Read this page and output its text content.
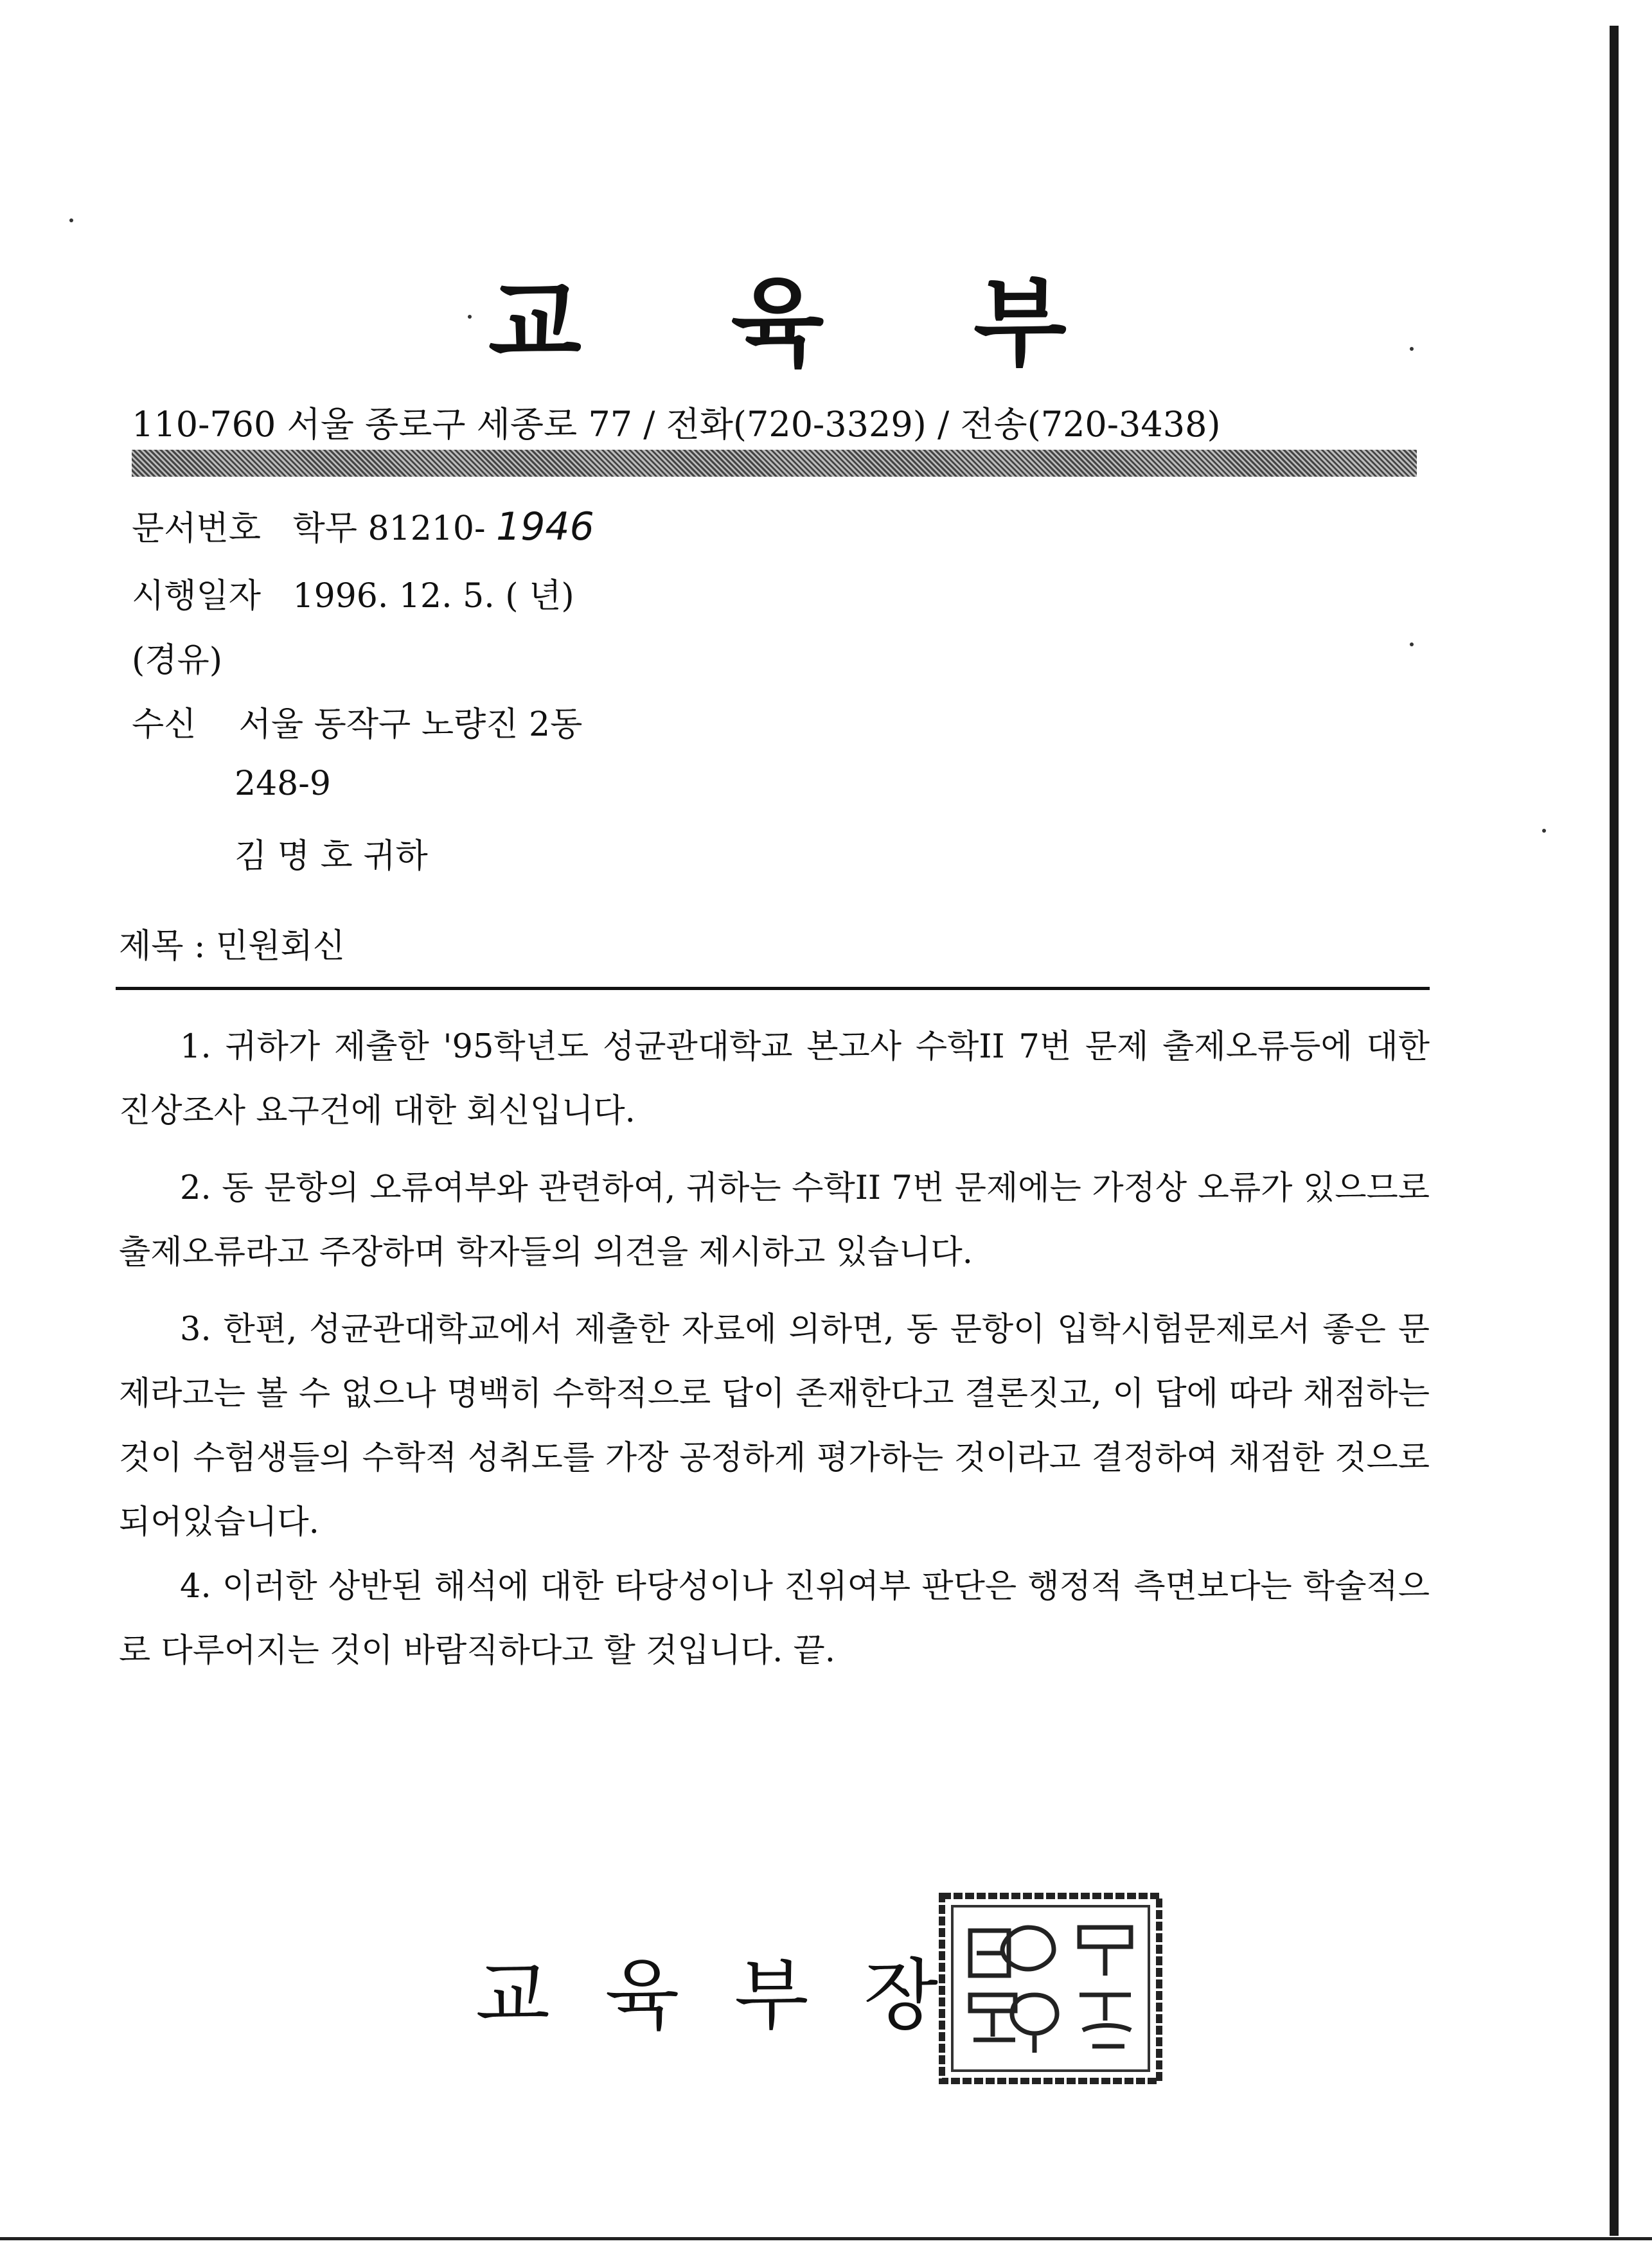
교 육 부
110-760 서울 종로구 세종로 77 / 전화(720-3329) / 전송(720-3438)
문서번호 학무 81210- 1946
시행일자 1996. 12. 5. ( 년)
(경유)
수신 서울 동작구 노량진 2동
248-9
김 명 호 귀하
제목 : 민원회신
1. 귀하가 제출한 '95학년도 성균관대학교 본고사 수학II 7번 문제 출제오류등에 대한 진상조사 요구건에 대한 회신입니다.
2. 동 문항의 오류여부와 관련하여, 귀하는 수학II 7번 문제에는 가정상 오류가 있으므로 출제오류라고 주장하며 학자들의 의견을 제시하고 있습니다.
3. 한편, 성균관대학교에서 제출한 자료에 의하면, 동 문항이 입학시험문제로서 좋은 문제라고는 볼 수 없으나 명백히 수학적으로 답이 존재한다고 결론짓고, 이 답에 따라 채점하는 것이 수험생들의 수학적 성취도를 가장 공정하게 평가하는 것이라고 결정하여 채점한 것으로 되어있습니다.
4. 이러한 상반된 해석에 대한 타당성이나 진위여부 판단은 행정적 측면보다는 학술적으로 다루어지는 것이 바람직하다고 할 것입니다. 끝.
교 육 부 장
